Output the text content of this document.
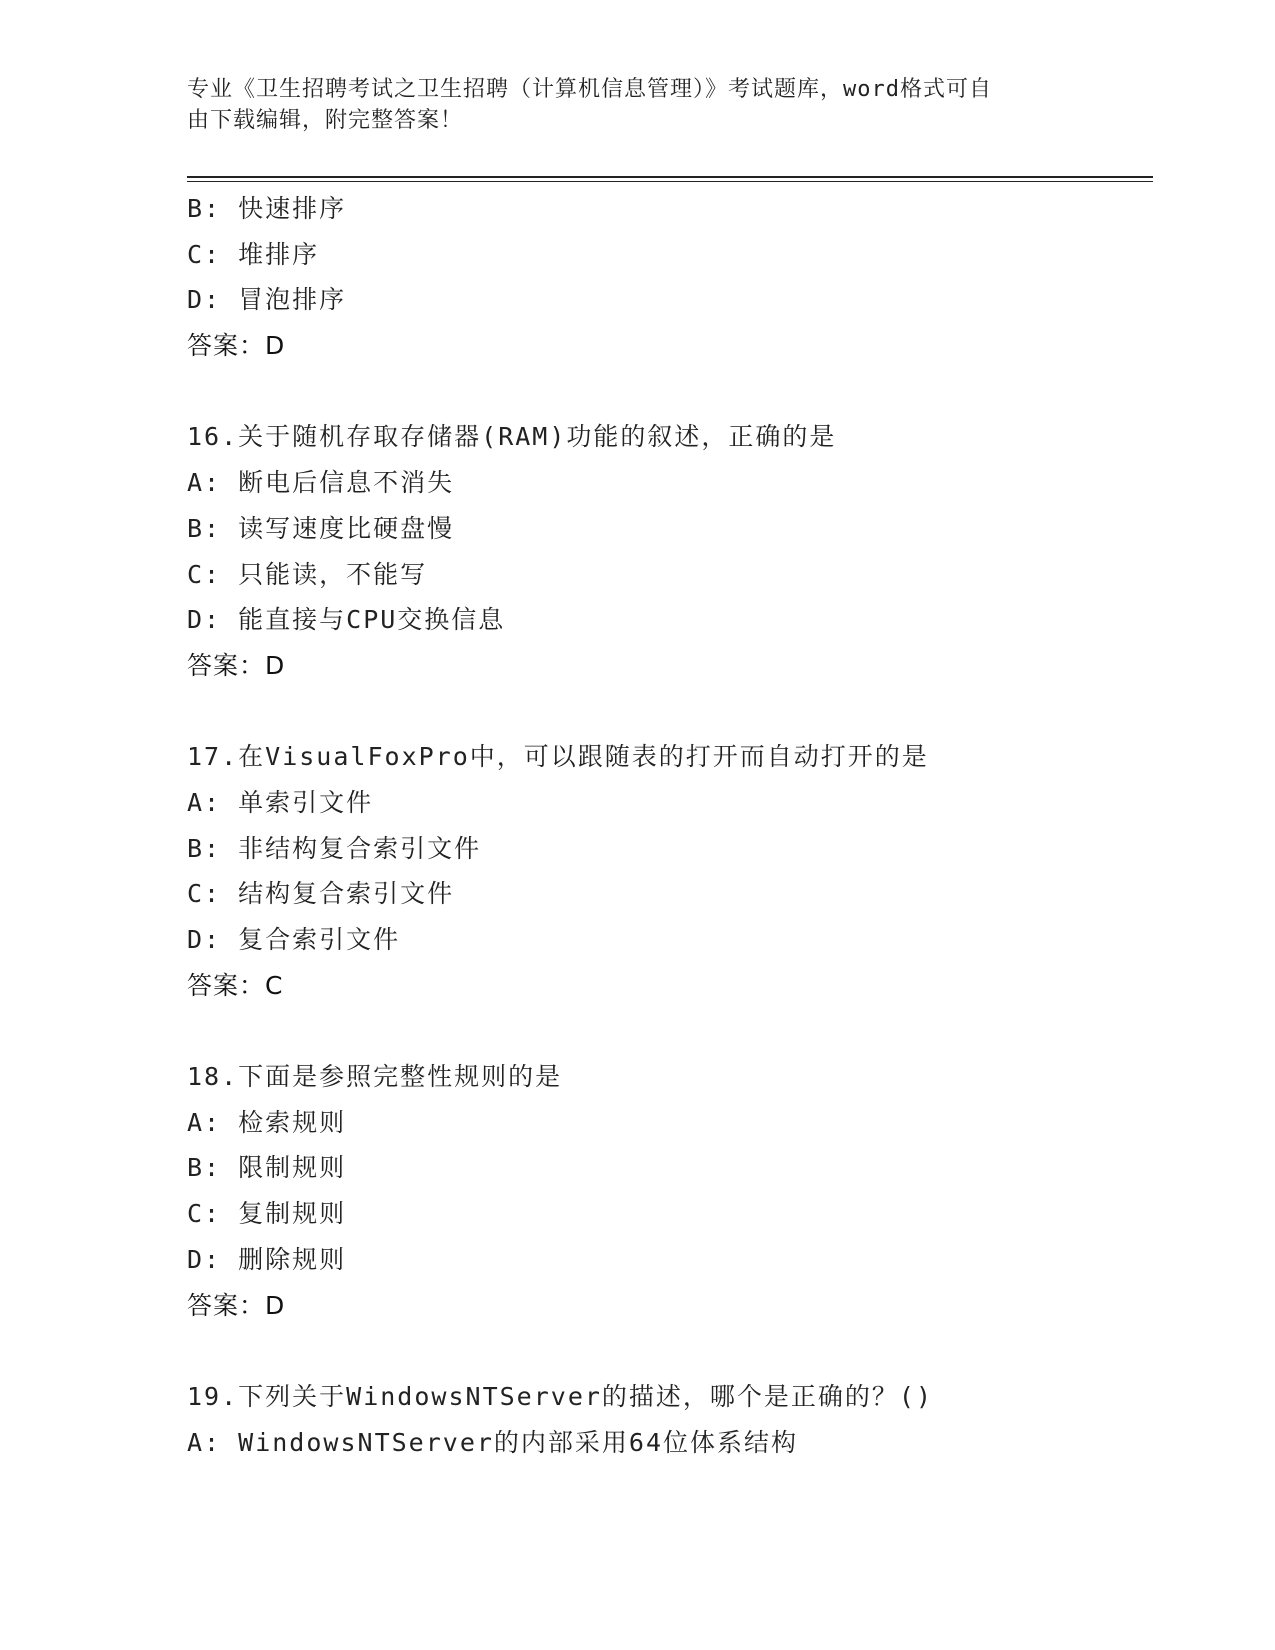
专业《卫生招聘考试之卫生招聘（计算机信息管理）》考试题库，word格式可自
由下载编辑，附完整答案！
B: 快速排序
C: 堆排序
D: 冒泡排序
答案：D
16.关于随机存取存储器(RAM)功能的叙述，正确的是
A: 断电后信息不消失
B: 读写速度比硬盘慢
C: 只能读，不能写
D: 能直接与CPU交换信息
答案：D
17.在VisualFoxPro中，可以跟随表的打开而自动打开的是
A: 单索引文件
B: 非结构复合索引文件
C: 结构复合索引文件
D: 复合索引文件
答案：C
18.下面是参照完整性规则的是
A: 检索规则
B: 限制规则
C: 复制规则
D: 删除规则
答案：D
19.下列关于WindowsNTServer的描述，哪个是正确的？()
A: WindowsNTServer的内部采用64位体系结构
